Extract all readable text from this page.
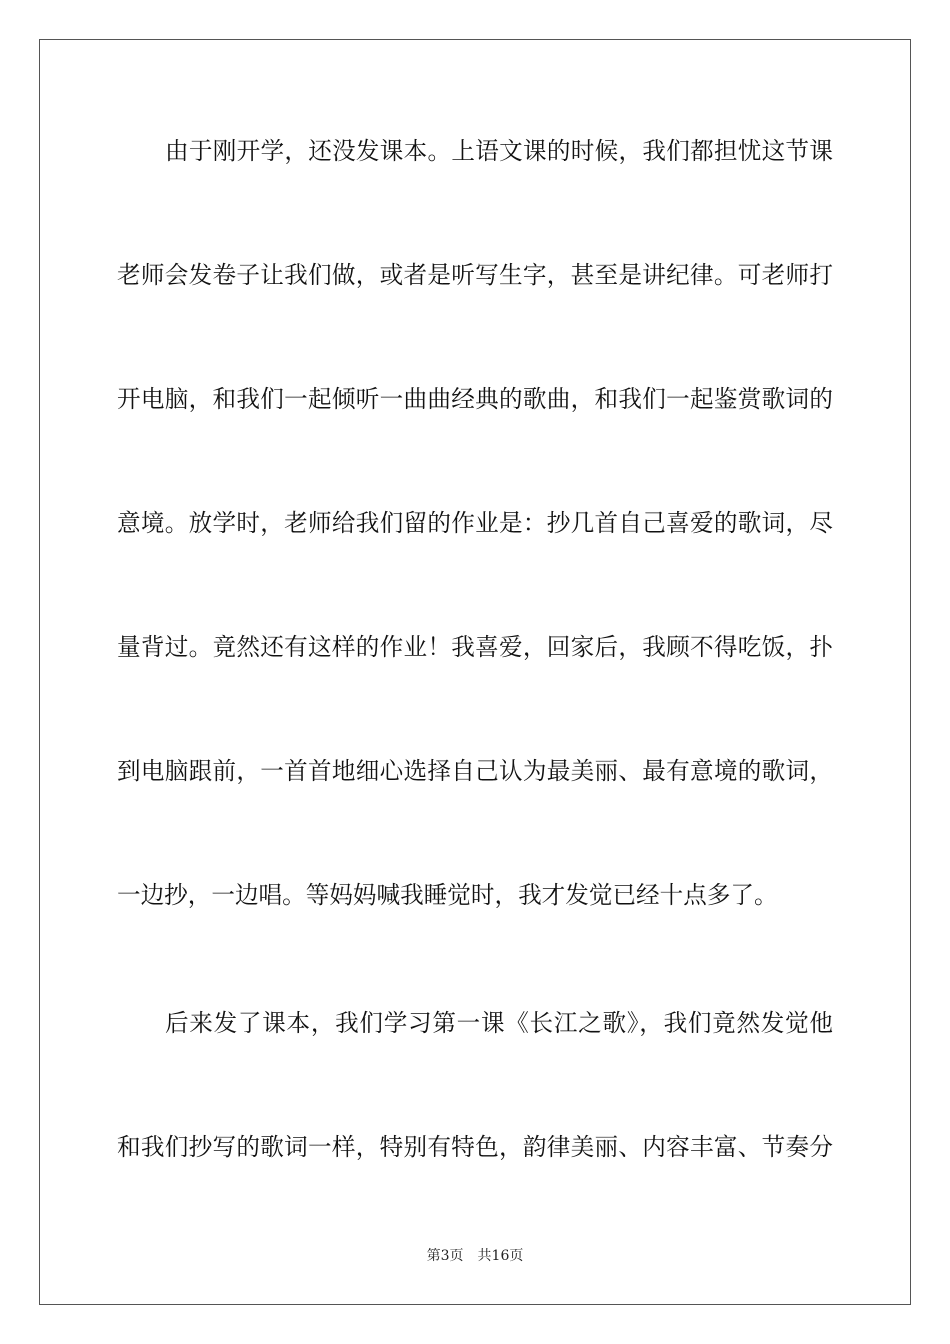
由于刚开学，还没发课本。上语文课的时候，我们都担忧这节课
老师会发卷子让我们做，或者是听写生字，甚至是讲纪律。可老师打
开电脑，和我们一起倾听一曲曲经典的歌曲，和我们一起鉴赏歌词的
意境。放学时，老师给我们留的作业是：抄几首自己喜爱的歌词，尽
量背过。竟然还有这样的作业！我喜爱，回家后，我顾不得吃饭，扑
到电脑跟前，一首首地细心选择自己认为最美丽、最有意境的歌词，
一边抄，一边唱。等妈妈喊我睡觉时，我才发觉已经十点多了。
后来发了课本，我们学习第一课《长江之歌》，我们竟然发觉他
和我们抄写的歌词一样，特别有特色，韵律美丽、内容丰富、节奏分
第3页 共16页
